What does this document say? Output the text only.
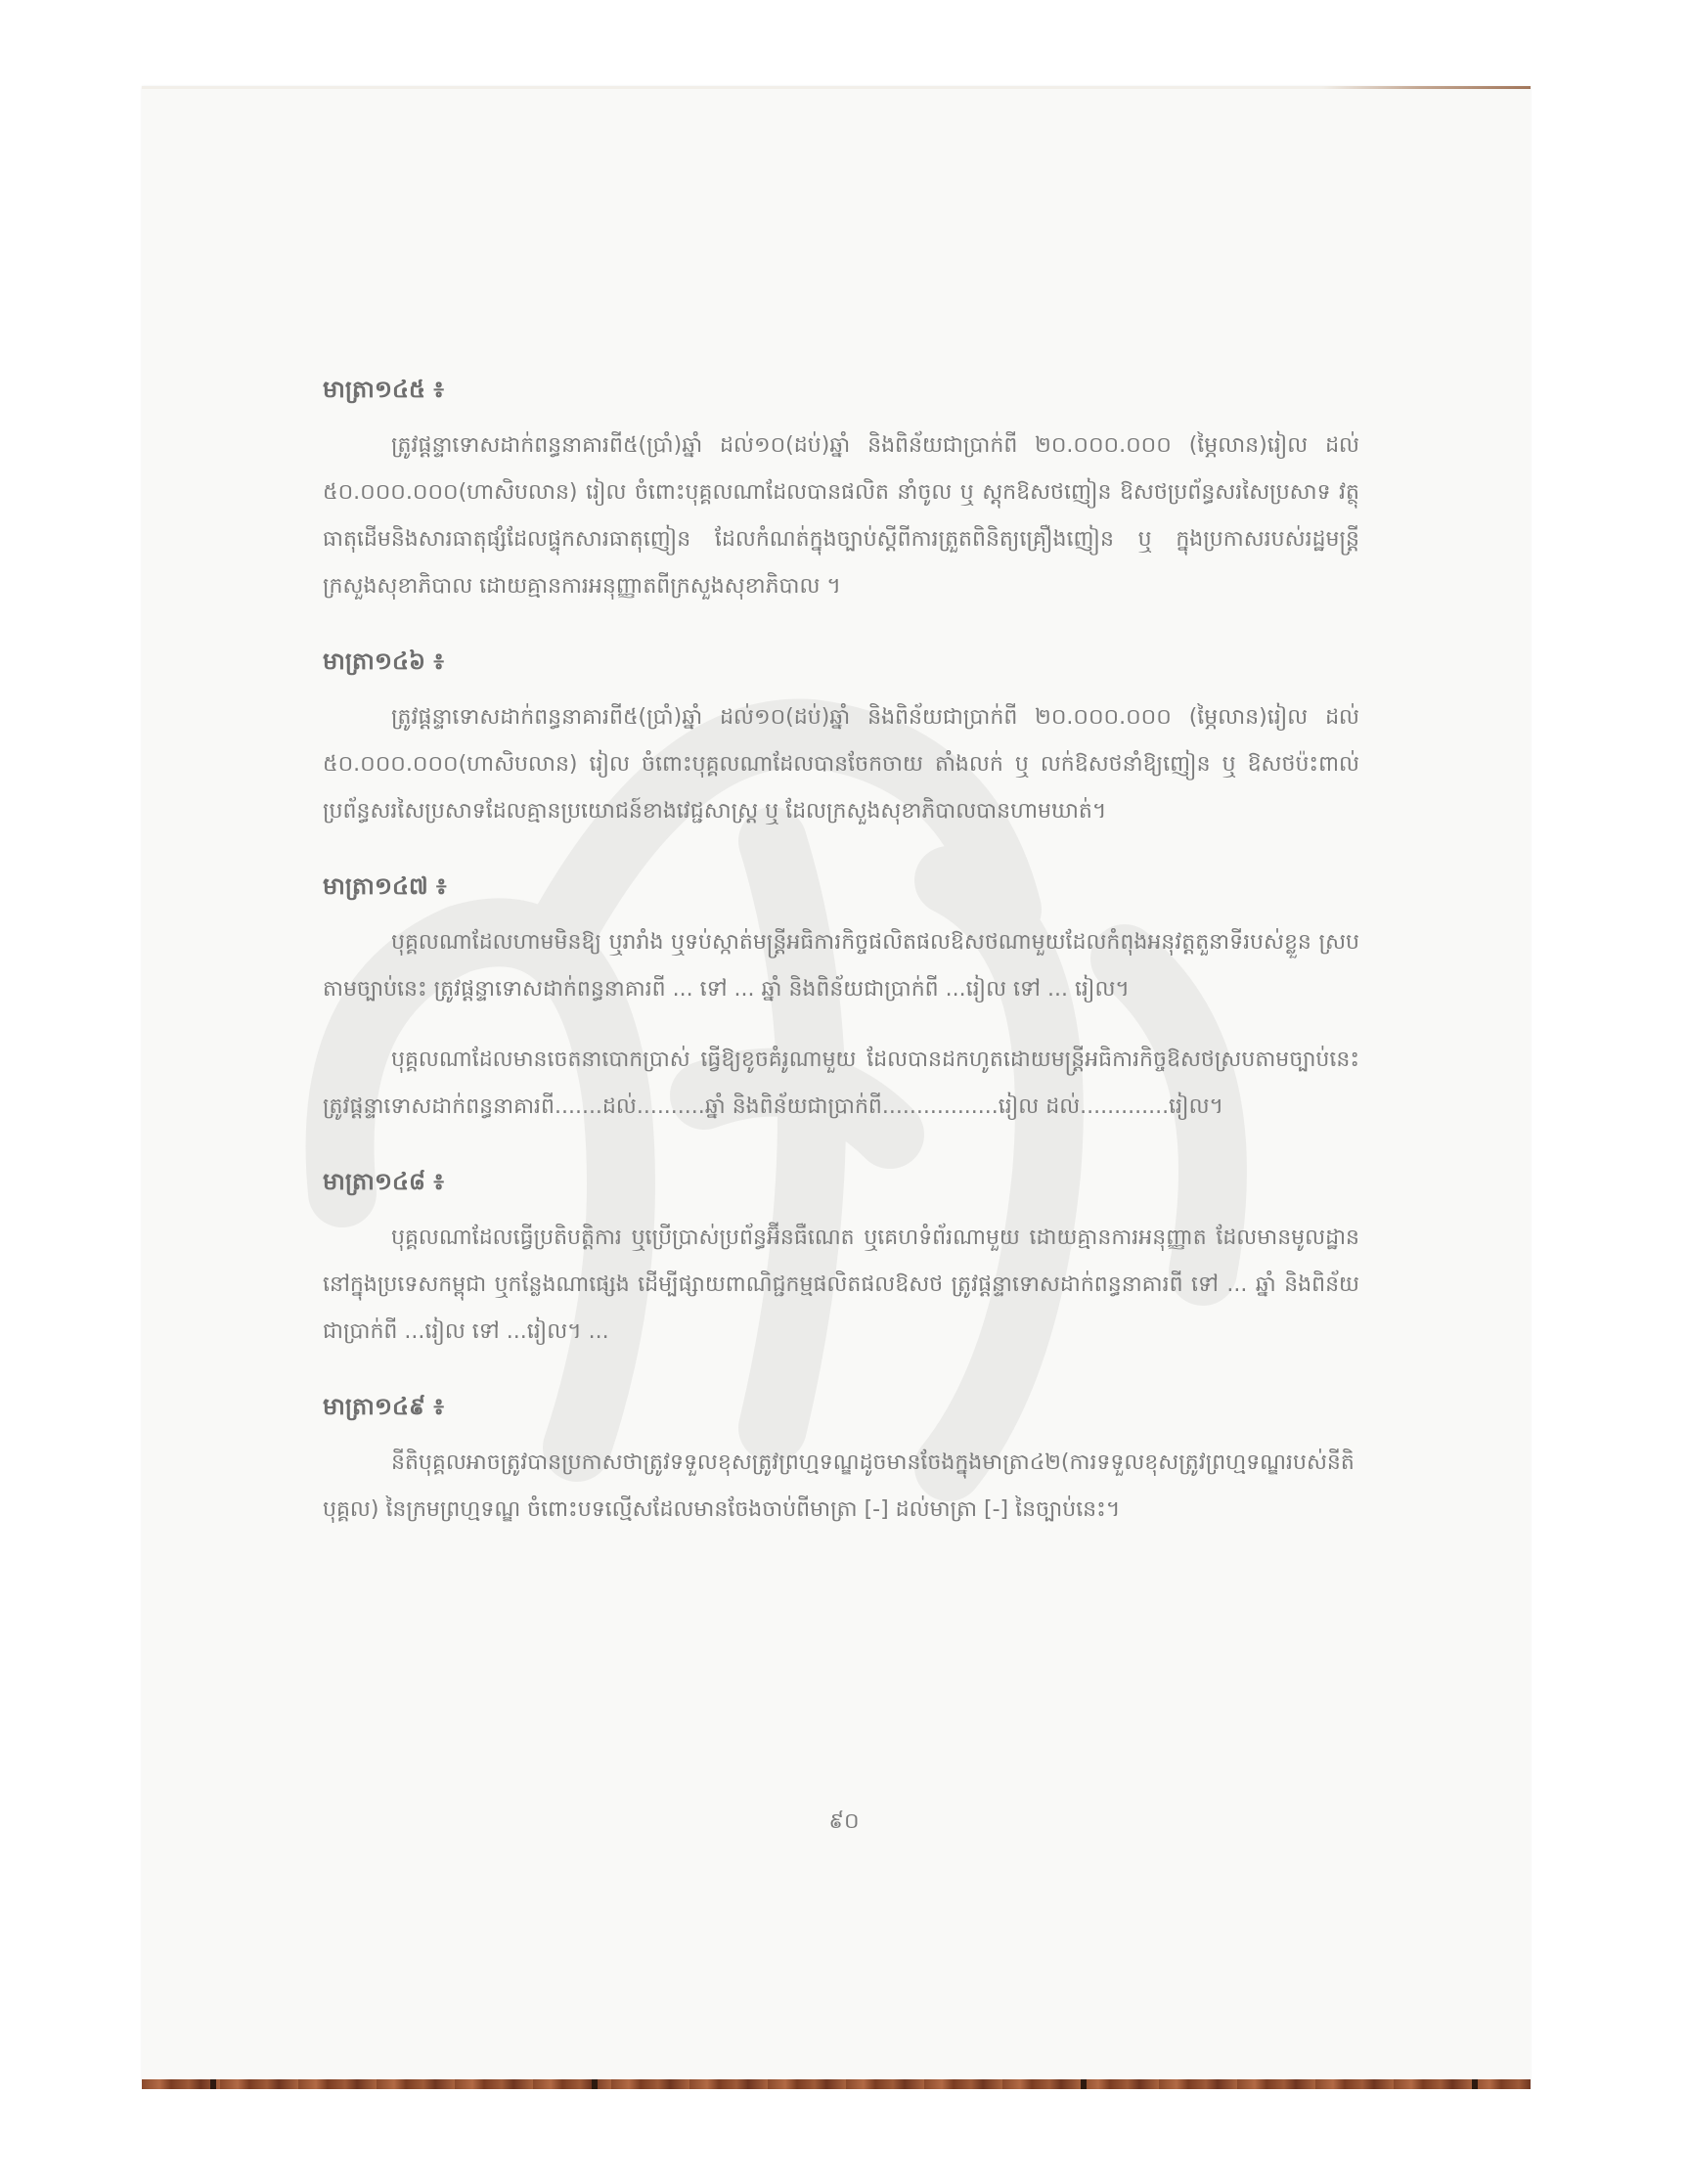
មាត្រា១៤៥ ៖

ត្រូវផ្តន្ទាទោសដាក់ពន្ធនាគារពី៥(ប្រាំ)ឆ្នាំ ដល់១០(ដប់)ឆ្នាំ និងពិន័យជាប្រាក់ពី ២០.០០០.០០០ (ម្ភៃលាន)រៀល ដល់ ៥០.០០០.០០០(ហាសិបលាន) រៀល ចំពោះបុគ្គលណាដែលបានផលិត នាំចូល ឬ ស្តុកឱសថញៀន ឱសថប្រព័ន្ធសរសៃប្រសាទ វត្ថុធាតុដើមនិងសារធាតុផ្សំដែលផ្ទុកសារធាតុញៀន ដែលកំណត់ក្នុងច្បាប់ស្តីពីការត្រួតពិនិត្យគ្រឿងញៀន ឬ ក្នុងប្រកាសរបស់រដ្ឋមន្ត្រីក្រសួងសុខាភិបាល ដោយគ្មានការអនុញ្ញាតពីក្រសួងសុខាភិបាល ។

មាត្រា១៤៦ ៖

ត្រូវផ្តន្ទាទោសដាក់ពន្ធនាគារពី៥(ប្រាំ)ឆ្នាំ ដល់១០(ដប់)ឆ្នាំ និងពិន័យជាប្រាក់ពី ២០.០០០.០០០ (ម្ភៃលាន)រៀល ដល់ ៥០.០០០.០០០(ហាសិបលាន) រៀល ចំពោះបុគ្គលណាដែលបានចែកចាយ តាំងលក់ ឬ លក់ឱសថនាំឱ្យញៀន ឬ ឱសថប៉ះពាល់ប្រព័ន្ធសរសៃប្រសាទដែលគ្មានប្រយោជន៍ខាងវេជ្ជសាស្ត្រ ឬ ដែលក្រសួងសុខាភិបាលបានហាមឃាត់។

មាត្រា១៤៧ ៖

បុគ្គលណាដែលហាមមិនឱ្យ ឬរារាំង ឬទប់ស្កាត់មន្ត្រីអធិការកិច្ចផលិតផលឱសថណាមួយដែលកំពុងអនុវត្តតួនាទីរបស់ខ្លួន ស្របតាមច្បាប់នេះ ត្រូវផ្តន្ទាទោសដាក់ពន្ធនាគារពី ... ទៅ ... ឆ្នាំ និងពិន័យជាប្រាក់ពី ...រៀល ទៅ ... រៀល។

បុគ្គលណាដែលមានចេតនាបោកប្រាស់ ធ្វើឱ្យខូចគំរូណាមួយ ដែលបានដកហូតដោយមន្ត្រីអធិការកិច្ចឱសថស្របតាមច្បាប់នេះ ត្រូវផ្តន្ទាទោសដាក់ពន្ធនាគារពី.......ដល់..........ឆ្នាំ និងពិន័យជាប្រាក់ពី.................រៀល ដល់.............រៀល។

មាត្រា១៤៨ ៖

បុគ្គលណាដែលធ្វើប្រតិបត្តិការ ឬប្រើប្រាស់ប្រព័ន្ធអ៊ីនធឺណេត ឬគេហទំព័រណាមួយ ដោយគ្មានការអនុញ្ញាត ដែលមានមូលដ្ឋាននៅក្នុងប្រទេសកម្ពុជា ឬកន្លែងណាផ្សេង ដើម្បីផ្សាយពាណិជ្ជកម្មផលិតផលឱសថ ត្រូវផ្តន្ទាទោសដាក់ពន្ធនាគារពី ទៅ ... ឆ្នាំ និងពិន័យជាប្រាក់ពី ...រៀល ទៅ ...រៀល។ ...

មាត្រា១៤៩ ៖

នីតិបុគ្គលអាចត្រូវបានប្រកាសថាត្រូវទទួលខុសត្រូវព្រហ្មទណ្ឌដូចមានចែងក្នុងមាត្រា៤២(ការទទួលខុសត្រូវព្រហ្មទណ្ឌរបស់នីតិបុគ្គល) នៃក្រមព្រហ្មទណ្ឌ ចំពោះបទល្មើសដែលមានចែងចាប់ពីមាត្រា [-] ដល់មាត្រា [-] នៃច្បាប់នេះ។

៩០
